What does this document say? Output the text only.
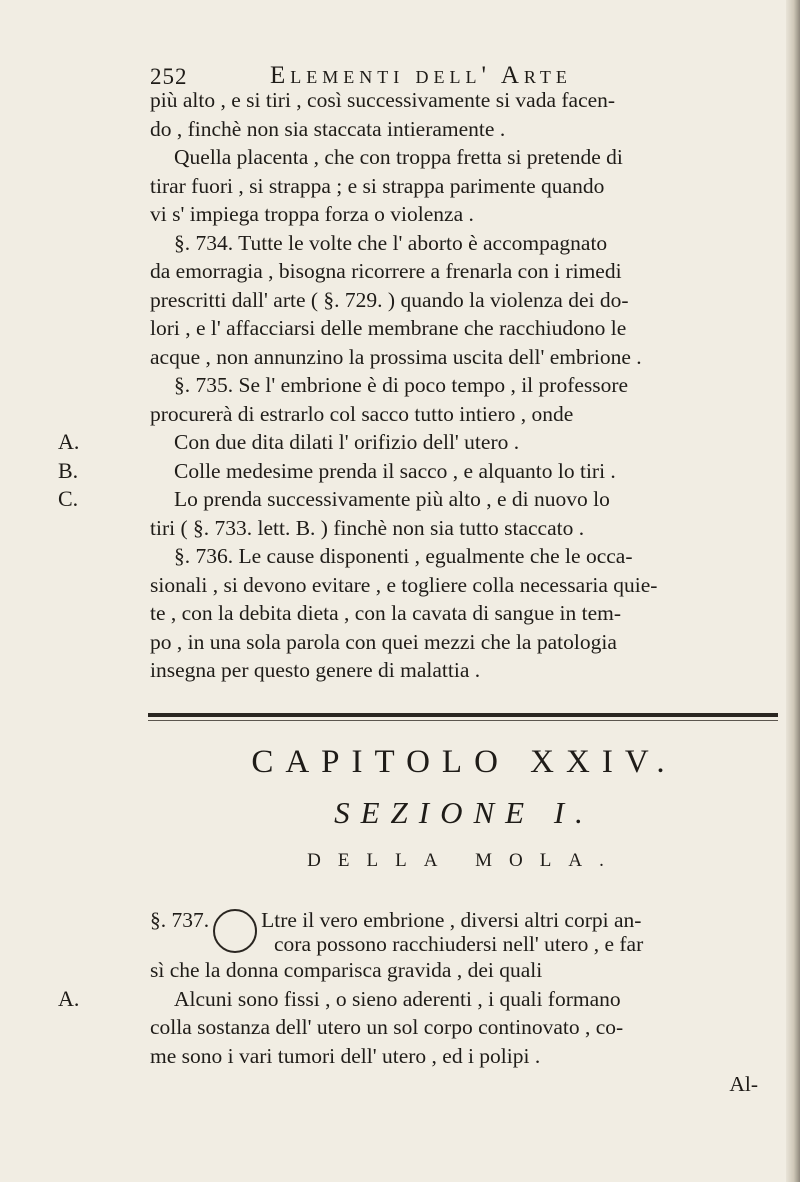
252	Elementi dell' Arte
più alto , e si tiri , così successivamente si vada facen-
do , finchè non sia staccata intieramente .
Quella placenta , che con troppa fretta si pretende di
tirar fuori , si strappa ; e si strappa parimente quando
vi s' impiega troppa forza o violenza .
§. 734. Tutte le volte che l' aborto è accompagnato
da emorragia , bisogna ricorrere a frenarla con i rimedi
prescritti dall' arte ( §. 729. ) quando la violenza dei do-
lori , e l' affacciarsi delle membrane che racchiudono le
acque , non annunzino la prossima uscita dell' embrione .
§. 735. Se l' embrione è di poco tempo , il professore
procurerà di estrarlo col sacco tutto intiero , onde
A.	Con due dita dilati l' orifizio dell' utero .
B.	Colle medesime prenda il sacco , e alquanto lo tiri .
C.	Lo prenda successivamente più alto , e di nuovo lo
tiri ( §. 733. lett. B. ) finchè non sia tutto staccato .
§. 736. Le cause disponenti , egualmente che le occa-
sionali , si devono evitare , e togliere colla necessaria quie-
te , con la debita dieta , con la cavata di sangue in tem-
po , in una sola parola con quei mezzi che la patologia
insegna per questo genere di malattia .
CAPITOLO XXIV.
SEZIONE I.
DELLA MOLA.
§. 737. Ltre il vero embrione , diversi altri corpi an-
cora possono racchiudersi nell' utero , e far
sì che la donna comparisca gravida , dei quali
A.	Alcuni sono fissi , o sieno aderenti , i quali formano
colla sostanza dell' utero un sol corpo continovato , co-
me sono i vari tumori dell' utero , ed i polipi .
Al-
